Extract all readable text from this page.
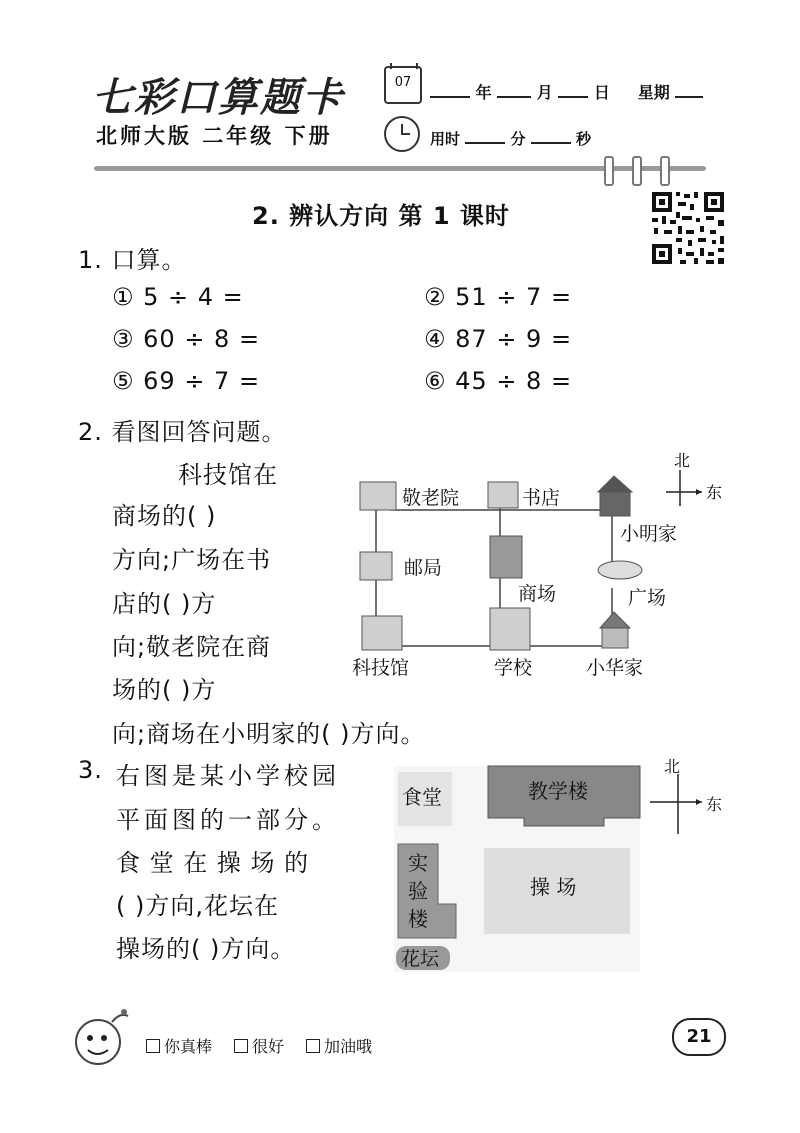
七彩口算题卡
北师大版 二年级 下册
07
年	月	日 星期
用时	分	秒
2. 辨认方向 第 1 课时
1. 口算。
① 5 ÷ 4 =	② 51 ÷ 7 =
③ 60 ÷ 8 =	④ 87 ÷ 9 =
⑤ 69 ÷ 7 =	⑥ 45 ÷ 8 =
2. 看图回答问题。
科技馆在
商场的( )
方向;广场在书
店的( )方
向;敬老院在商
场的( )方
向;商场在小明家的( )方向。
北
东
敬老院	书店
小明家
邮局
商场	广场
科技馆	学校	小华家
3. 右图是某小学校园
平面图的一部分。
食 堂 在 操 场 的
( )方向,花坛在
操场的( )方向。
北
东
食堂	教学楼
实
验
楼
操 场
花坛
你真棒	很好	加油哦	21
